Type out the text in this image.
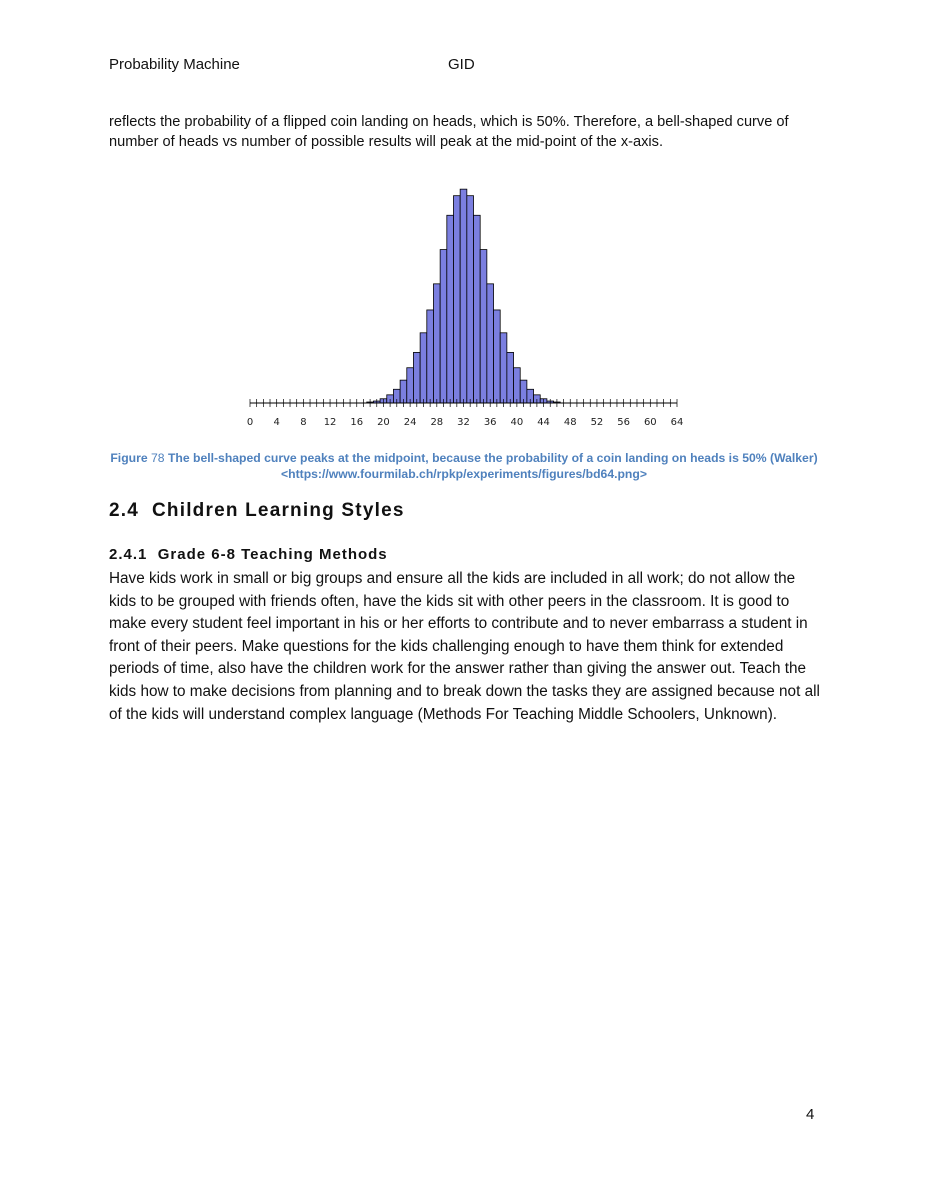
Probability Machine	GID

reflects the probability of a flipped coin landing on heads, which is 50%. Therefore, a bell-shaped curve of number of heads vs number of possible results will peak at the mid-point of the x-axis.

0 4 8 12 16 20 24 28 32 36 40 44 48 52 56 60 64
Figure 78 The bell-shaped curve peaks at the midpoint, because the probability of a coin landing on heads is 50% (Walker) <https://www.fourmilab.ch/rpkp/experiments/figures/bd64.png>
2.4 Children Learning Styles
2.4.1 Grade 6-8 Teaching Methods

Have kids work in small or big groups and ensure all the kids are included in all work; do not allow the kids to be grouped with friends often, have the kids sit with other peers in the classroom. It is good to make every student feel important in his or her efforts to contribute and to never embarrass a student in front of their peers. Make questions for the kids challenging enough to have them think for extended periods of time, also have the children work for the answer rather than giving the answer out. Teach the kids how to make decisions from planning and to break down the tasks they are assigned because not all of the kids will understand complex language (Methods For Teaching Middle Schoolers, Unknown).

4
